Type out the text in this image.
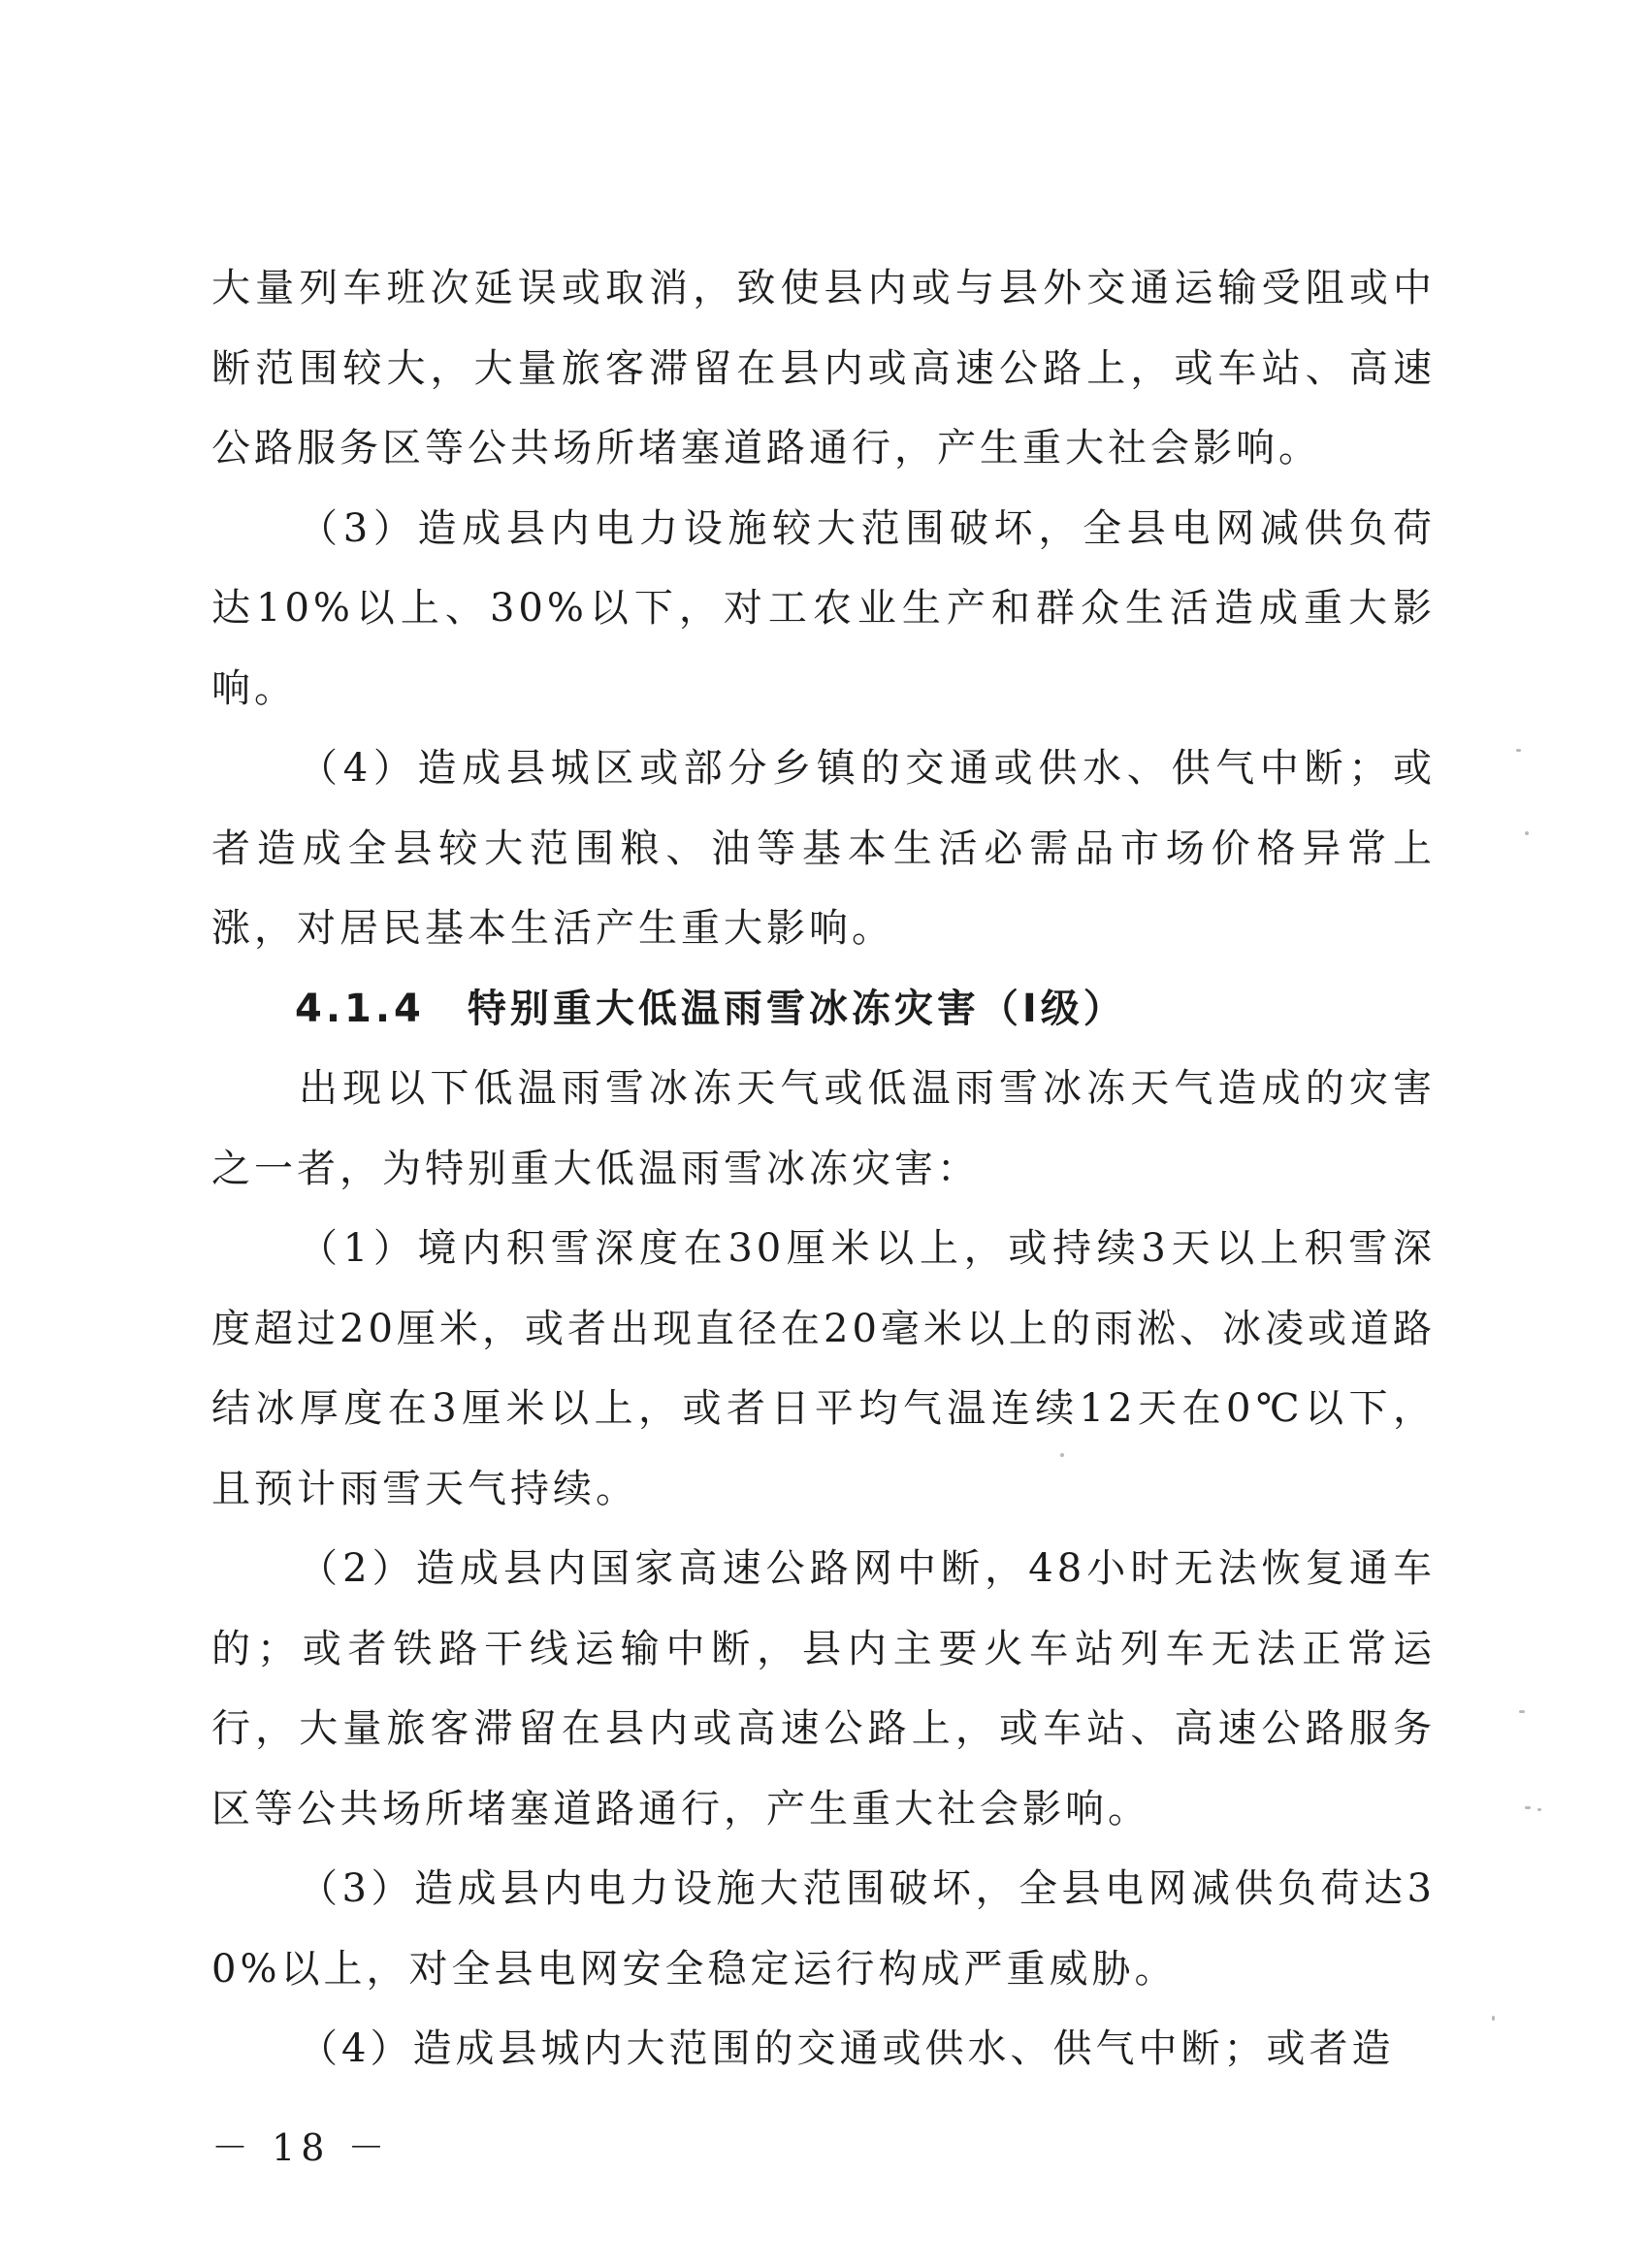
大量列车班次延误或取消，致使县内或与县外交通运输受阻或中断范围较大，大量旅客滞留在县内或高速公路上，或车站、高速公路服务区等公共场所堵塞道路通行，产生重大社会影响。

（3）造成县内电力设施较大范围破坏，全县电网减供负荷达10%以上、30%以下，对工农业生产和群众生活造成重大影响。

（4）造成县城区或部分乡镇的交通或供水、供气中断；或者造成全县较大范围粮、油等基本生活必需品市场价格异常上涨，对居民基本生活产生重大影响。

4.1.4　特别重大低温雨雪冰冻灾害（Ⅰ级）

出现以下低温雨雪冰冻天气或低温雨雪冰冻天气造成的灾害之一者，为特别重大低温雨雪冰冻灾害：

（1）境内积雪深度在30厘米以上，或持续3天以上积雪深度超过20厘米，或者出现直径在20毫米以上的雨淞、冰凌或道路结冰厚度在3厘米以上，或者日平均气温连续12天在0℃以下，且预计雨雪天气持续。

（2）造成县内国家高速公路网中断，48小时无法恢复通车的；或者铁路干线运输中断，县内主要火车站列车无法正常运行，大量旅客滞留在县内或高速公路上，或车站、高速公路服务区等公共场所堵塞道路通行，产生重大社会影响。

（3）造成县内电力设施大范围破坏，全县电网减供负荷达30%以上，对全县电网安全稳定运行构成严重威胁。

（4）造成县城内大范围的交通或供水、供气中断；或者造

－ 18 －
